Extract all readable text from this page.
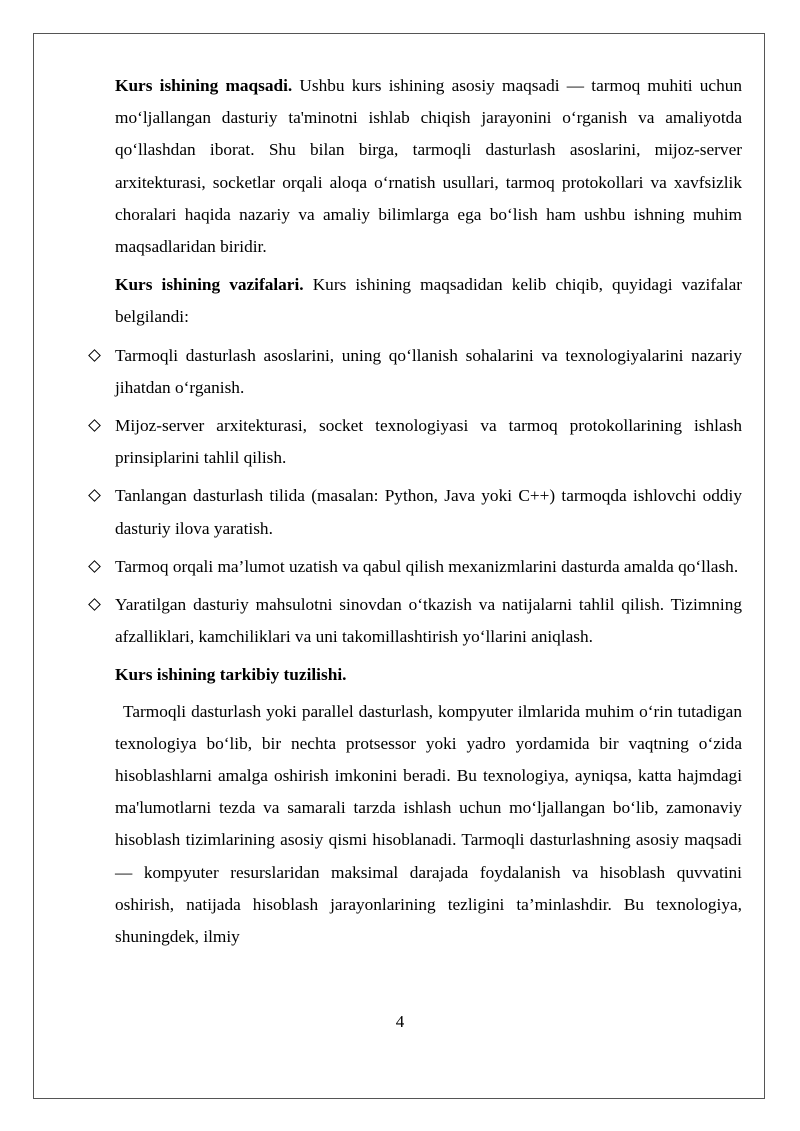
Kurs ishining maqsadi. Ushbu kurs ishining asosiy maqsadi — tarmoq muhiti uchun mo‘ljallangan dasturiy ta'minotni ishlab chiqish jarayonini o‘rganish va amaliyotda qo‘llashdan iborat. Shu bilan birga, tarmoqli dasturlash asoslarini, mijoz-server arxitekturasi, socketlar orqali aloqa o‘rnatish usullari, tarmoq protokollari va xavfsizlik choralari haqida nazariy va amaliy bilimlarga ega bo‘lish ham ushbu ishning muhim maqsadlaridan biridir.

Kurs ishining vazifalari. Kurs ishining maqsadidan kelib chiqib, quyidagi vazifalar belgilandi:

Tarmoqli dasturlash asoslarini, uning qo‘llanish sohalarini va texnologiyalarini nazariy jihatdan o‘rganish.
Mijoz-server arxitekturasi, socket texnologiyasi va tarmoq protokollarining ishlash prinsiplarini tahlil qilish.
Tanlangan dasturlash tilida (masalan: Python, Java yoki C++) tarmoqda ishlovchi oddiy dasturiy ilova yaratish.
Tarmoq orqali ma’lumot uzatish va qabul qilish mexanizmlarini dasturda amalda qo‘llash.
Yaratilgan dasturiy mahsulotni sinovdan o‘tkazish va natijalarni tahlil qilish. Tizimning afzalliklari, kamchiliklari va uni takomillashtirish yo‘llarini aniqlash.

Kurs ishining tarkibiy tuzilishi.

Tarmoqli dasturlash yoki parallel dasturlash, kompyuter ilmlarida muhim o‘rin tutadigan texnologiya bo‘lib, bir nechta protsessor yoki yadro yordamida bir vaqtning o‘zida hisoblashlarni amalga oshirish imkonini beradi. Bu texnologiya, ayniqsa, katta hajmdagi ma'lumotlarni tezda va samarali tarzda ishlash uchun mo‘ljallangan bo‘lib, zamonaviy hisoblash tizimlarining asosiy qismi hisoblanadi. Tarmoqli dasturlashning asosiy maqsadi — kompyuter resurslaridan maksimal darajada foydalanish va hisoblash quvvatini oshirish, natijada hisoblash jarayonlarining tezligini ta’minlashdir. Bu texnologiya, shuningdek, ilmiy

4
